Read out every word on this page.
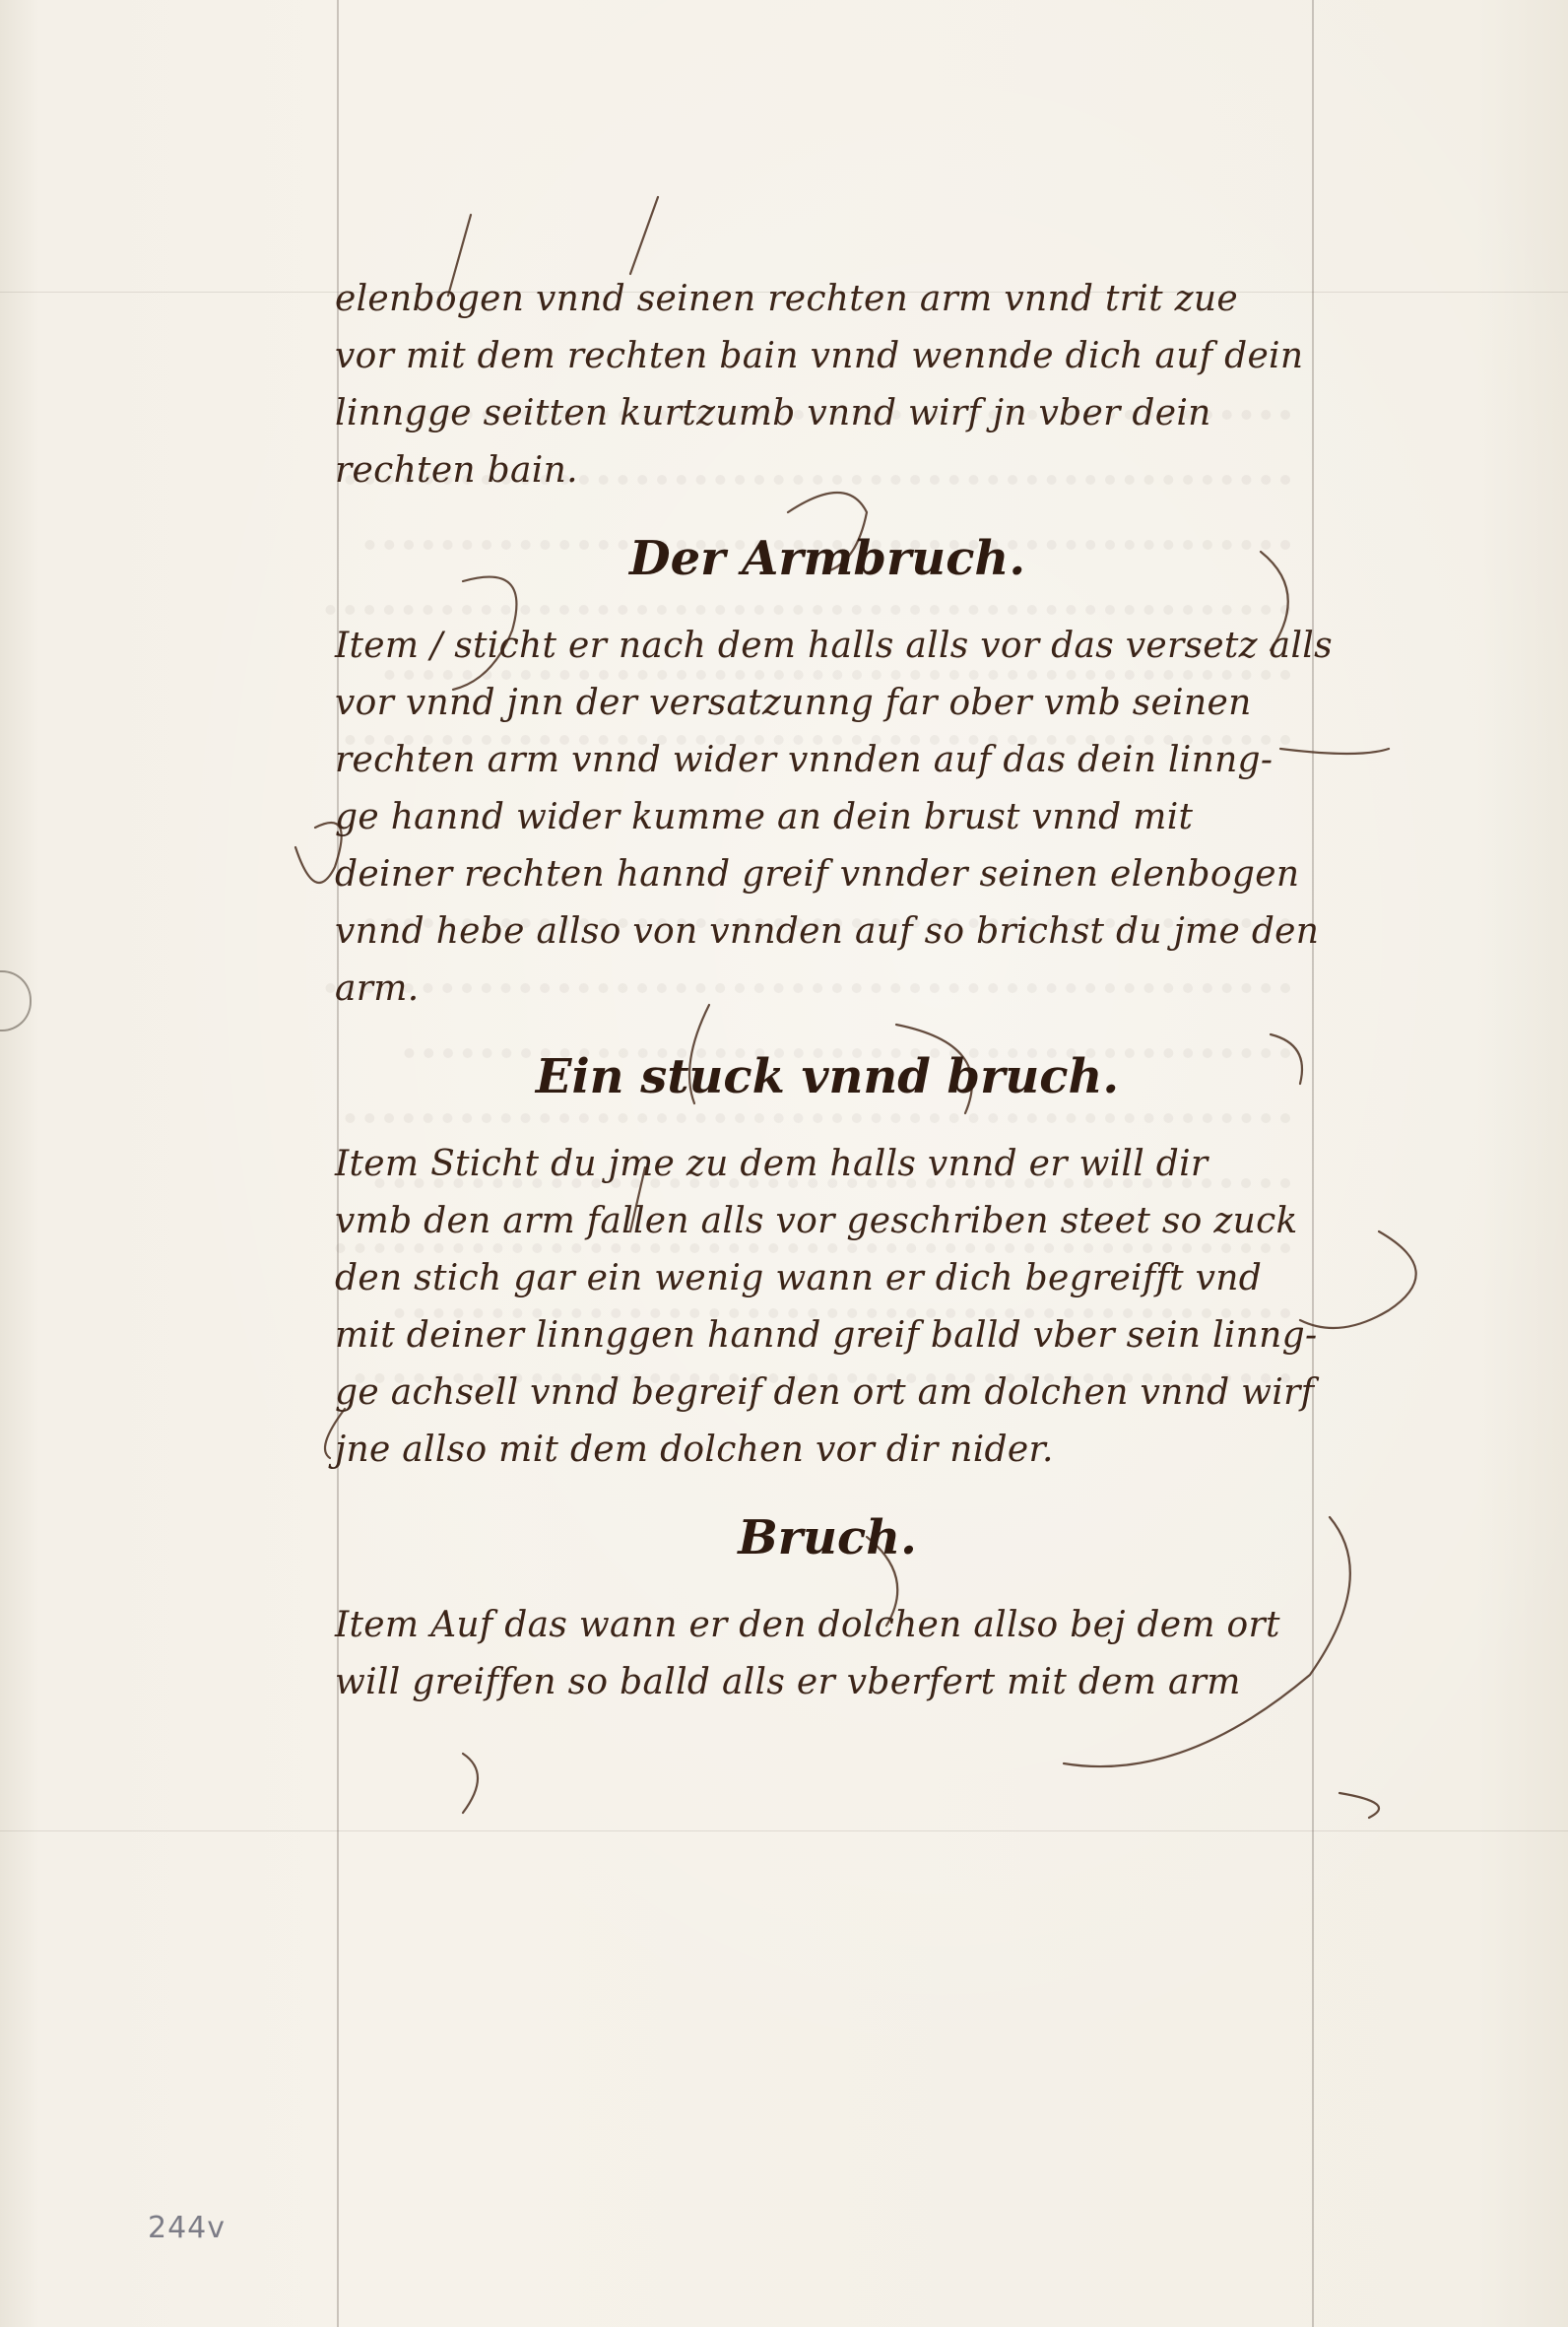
elenbogen vnnd seinen rechten arm vnnd trit zue
vor mit dem rechten bain vnnd wennde dich auf dein
linngge seitten kurtzumb vnnd wirf jn vber dein
rechten bain.
Der Armbruch.
Item / sticht er nach dem halls alls vor das versetz alls
vor vnnd jnn der versatzunng far ober vmb seinen
rechten arm vnnd wider vnnden auf das dein linng-
ge hannd wider kumme an dein brust vnnd mit
deiner rechten hannd greif vnnder seinen elenbogen
vnnd hebe allso von vnnden auf so brichst du jme den
arm.
Ein stuck vnnd bruch.
Item Sticht du jme zu dem halls vnnd er will dir
vmb den arm fallen alls vor geschriben steet so zuck
den stich gar ein wenig wann er dich begreifft vnd
mit deiner linnggen hannd greif balld vber sein linng-
ge achsell vnnd begreif den ort am dolchen vnnd wirf
jne allso mit dem dolchen vor dir nider.
Bruch.
Item Auf das wann er den dolchen allso bej dem ort
will greiffen so balld alls er vberfert mit dem arm
244v
